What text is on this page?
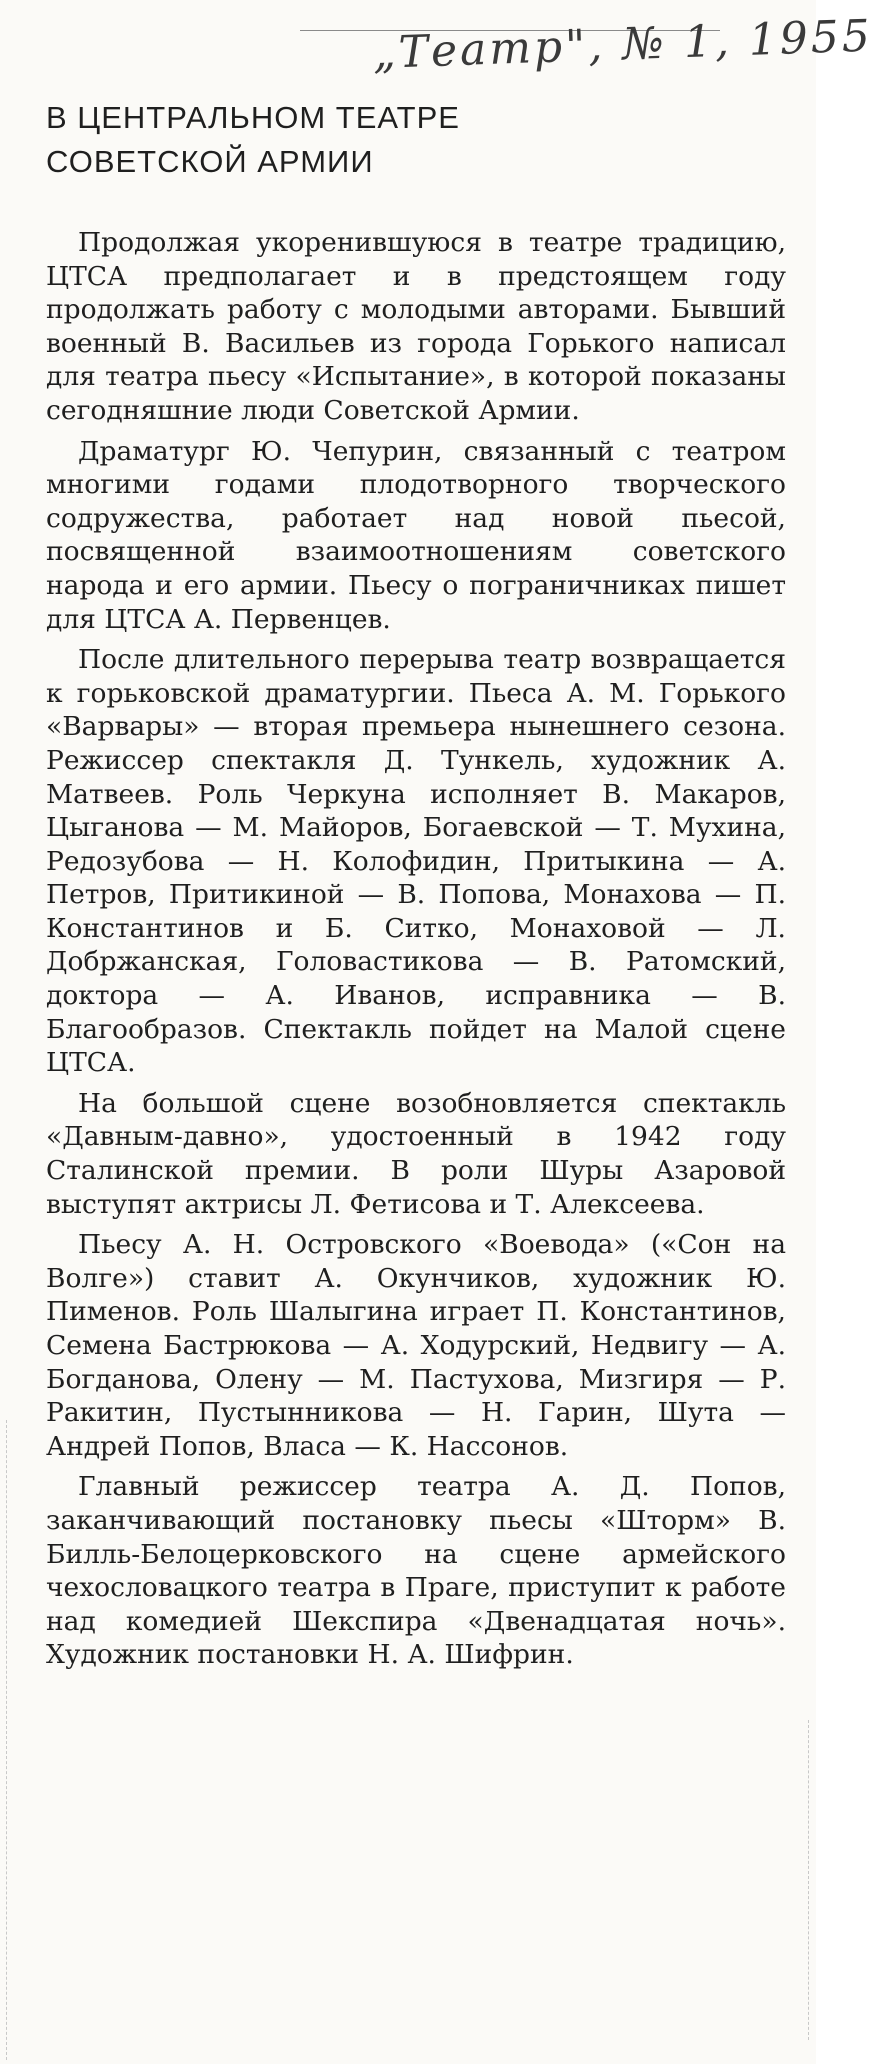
„Театр", № 1, 1955
В ЦЕНТРАЛЬНОМ ТЕАТРЕ
СОВЕТСКОЙ АРМИИ

Продолжая укоренившуюся в театре традицию, ЦТСА предполагает и в предстоящем году продолжать работу с молодыми авторами. Бывший военный В. Васильев из города Горького написал для театра пьесу «Испытание», в которой показаны сегодняшние люди Советской Армии.

Драматург Ю. Чепурин, связанный с театром многими годами плодотворного творческого содружества, работает над новой пьесой, посвященной взаимоотношениям советского народа и его армии. Пьесу о пограничниках пишет для ЦТСА А. Первенцев.

После длительного перерыва театр возвращается к горьковской драматургии. Пьеса А. М. Горького «Варвары» — вторая премьера нынешнего сезона. Режиссер спектакля Д. Тункель, художник А. Матвеев. Роль Черкуна исполняет В. Макаров, Цыганова — М. Майоров, Богаевской — Т. Мухина, Редозубова — Н. Колофидин, Притыкина — А. Петров, Притикиной — В. Попова, Монахова — П. Константинов и Б. Ситко, Монаховой — Л. Добржанская, Головастикова — В. Ратомский, доктора — А. Иванов, исправника — В. Благообразов. Спектакль пойдет на Малой сцене ЦТСА.

На большой сцене возобновляется спектакль «Давным-давно», удостоенный в 1942 году Сталинской премии. В роли Шуры Азаровой выступят актрисы Л. Фетисова и Т. Алексеева.

Пьесу А. Н. Островского «Воевода» («Сон на Волге») ставит А. Окунчиков, художник Ю. Пименов. Роль Шалыгина играет П. Константинов, Семена Бастрюкова — А. Ходурский, Недвигу — А. Богданова, Олену — М. Пастухова, Мизгиря — Р. Ракитин, Пустынникова — Н. Гарин, Шута — Андрей Попов, Власа — К. Нассонов.

Главный режиссер театра А. Д. Попов, заканчивающий постановку пьесы «Шторм» В. Билль-Белоцерковского на сцене армейского чехословацкого театра в Праге, приступит к работе над комедией Шекспира «Двенадцатая ночь». Художник постановки Н. А. Шифрин.
